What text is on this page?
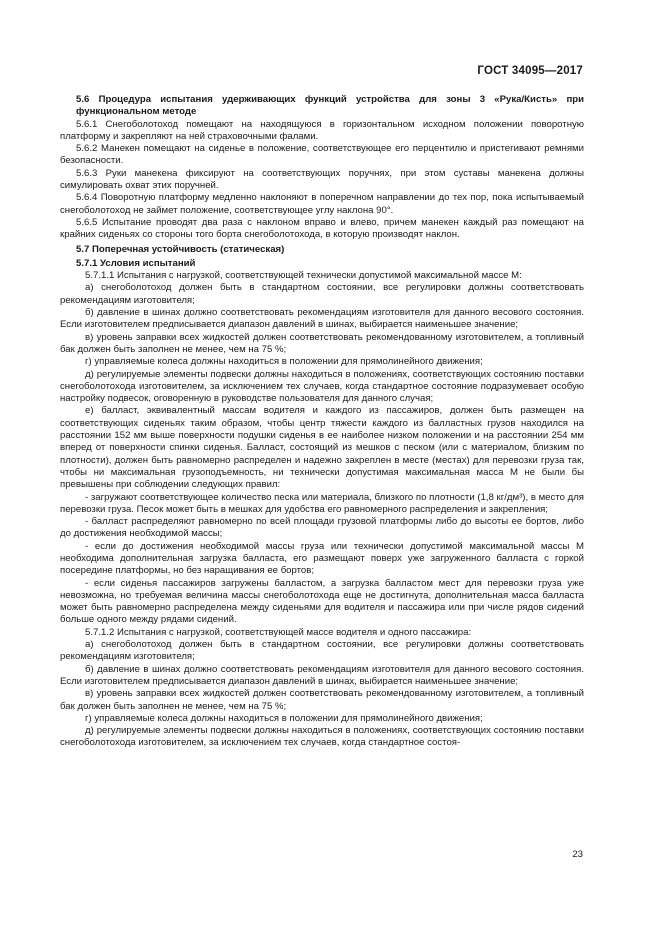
ГОСТ 34095—2017

5.6 Процедура испытания удерживающих функций устройства для зоны 3 «Рука/Кисть» при функциональном методе

5.6.1 Снегоболотоход помещают на находящуюся в горизонтальном исходном положении поворотную платформу и закрепляют на ней страховочными фалами.

5.6.2 Манекен помещают на сиденье в положение, соответствующее его перцентилю и пристегивают ремнями безопасности.

5.6.3 Руки манекена фиксируют на соответствующих поручнях, при этом суставы манекена должны симулировать охват этих поручней.

5.6.4 Поворотную платформу медленно наклоняют в поперечном направлении до тех пор, пока испытываемый снегоболотоход не займет положение, соответствующее углу наклона 90°.

5.6.5 Испытание проводят два раза с наклоном вправо и влево, причем манекен каждый раз помещают на крайних сиденьях со стороны того борта снегоболотохода, в которую производят наклон.

5.7 Поперечная устойчивость (статическая)

5.7.1 Условия испытаний

5.7.1.1 Испытания с нагрузкой, соответствующей технически допустимой максимальной массе M:

а) снегоболотоход должен быть в стандартном состоянии, все регулировки должны соответствовать рекомендациям изготовителя;

б) давление в шинах должно соответствовать рекомендациям изготовителя для данного весового состояния. Если изготовителем предписывается диапазон давлений в шинах, выбирается наименьшее значение;

в) уровень заправки всех жидкостей должен соответствовать рекомендованному изготовителем, а топливный бак должен быть заполнен не менее, чем на 75 %;

г) управляемые колеса должны находиться в положении для прямолинейного движения;

д) регулируемые элементы подвески должны находиться в положениях, соответствующих состоянию поставки снегоболотохода изготовителем, за исключением тех случаев, когда стандартное состояние подразумевает особую настройку подвесок, оговоренную в руководстве пользователя для данного случая;

е) балласт, эквивалентный массам водителя и каждого из пассажиров, должен быть размещен на соответствующих сиденьях таким образом, чтобы центр тяжести каждого из балластных грузов находился на расстоянии 152 мм выше поверхности подушки сиденья в ее наиболее низком положении и на расстоянии 254 мм вперед от поверхности спинки сиденья. Балласт, состоящий из мешков с песком (или с материалом, близким по плотности), должен быть равномерно распределен и надежно закреплен в месте (местах) для перевозки груза так, чтобы ни максимальная грузоподъемность, ни технически допустимая максимальная масса M не были бы превышены при соблюдении следующих правил:

- загружают соответствующее количество песка или материала, близкого по плотности (1,8 кг/дм³), в место для перевозки груза. Песок может быть в мешках для удобства его равномерного распределения и закрепления;

- балласт распределяют равномерно по всей площади грузовой платформы либо до высоты ее бортов, либо до достижения необходимой массы;

- если до достижения необходимой массы груза или технически допустимой максимальной массы M необходима дополнительная загрузка балласта, его размещают поверх уже загруженного балласта с горкой посередине платформы, но без наращивания ее бортов;

- если сиденья пассажиров загружены балластом, а загрузка балластом мест для перевозки груза уже невозможна, но требуемая величина массы снегоболотохода еще не достигнута, дополнительная масса балласта может быть равномерно распределена между сиденьями для водителя и пассажира или при числе рядов сидений больше одного между рядами сидений.

5.7.1.2 Испытания с нагрузкой, соответствующей массе водителя и одного пассажира:

а) снегоболотоход должен быть в стандартном состоянии, все регулировки должны соответствовать рекомендациям изготовителя;

б) давление в шинах должно соответствовать рекомендациям изготовителя для данного весового состояния. Если изготовителем предписывается диапазон давлений в шинах, выбирается наименьшее значение;

в) уровень заправки всех жидкостей должен соответствовать рекомендованному изготовителем, а топливный бак должен быть заполнен не менее, чем на 75 %;

г) управляемые колеса должны находиться в положении для прямолинейного движения;

д) регулируемые элементы подвески должны находиться в положениях, соответствующих состоянию поставки снегоболотохода изготовителем, за исключением тех случаев, когда стандартное состоя-

23
